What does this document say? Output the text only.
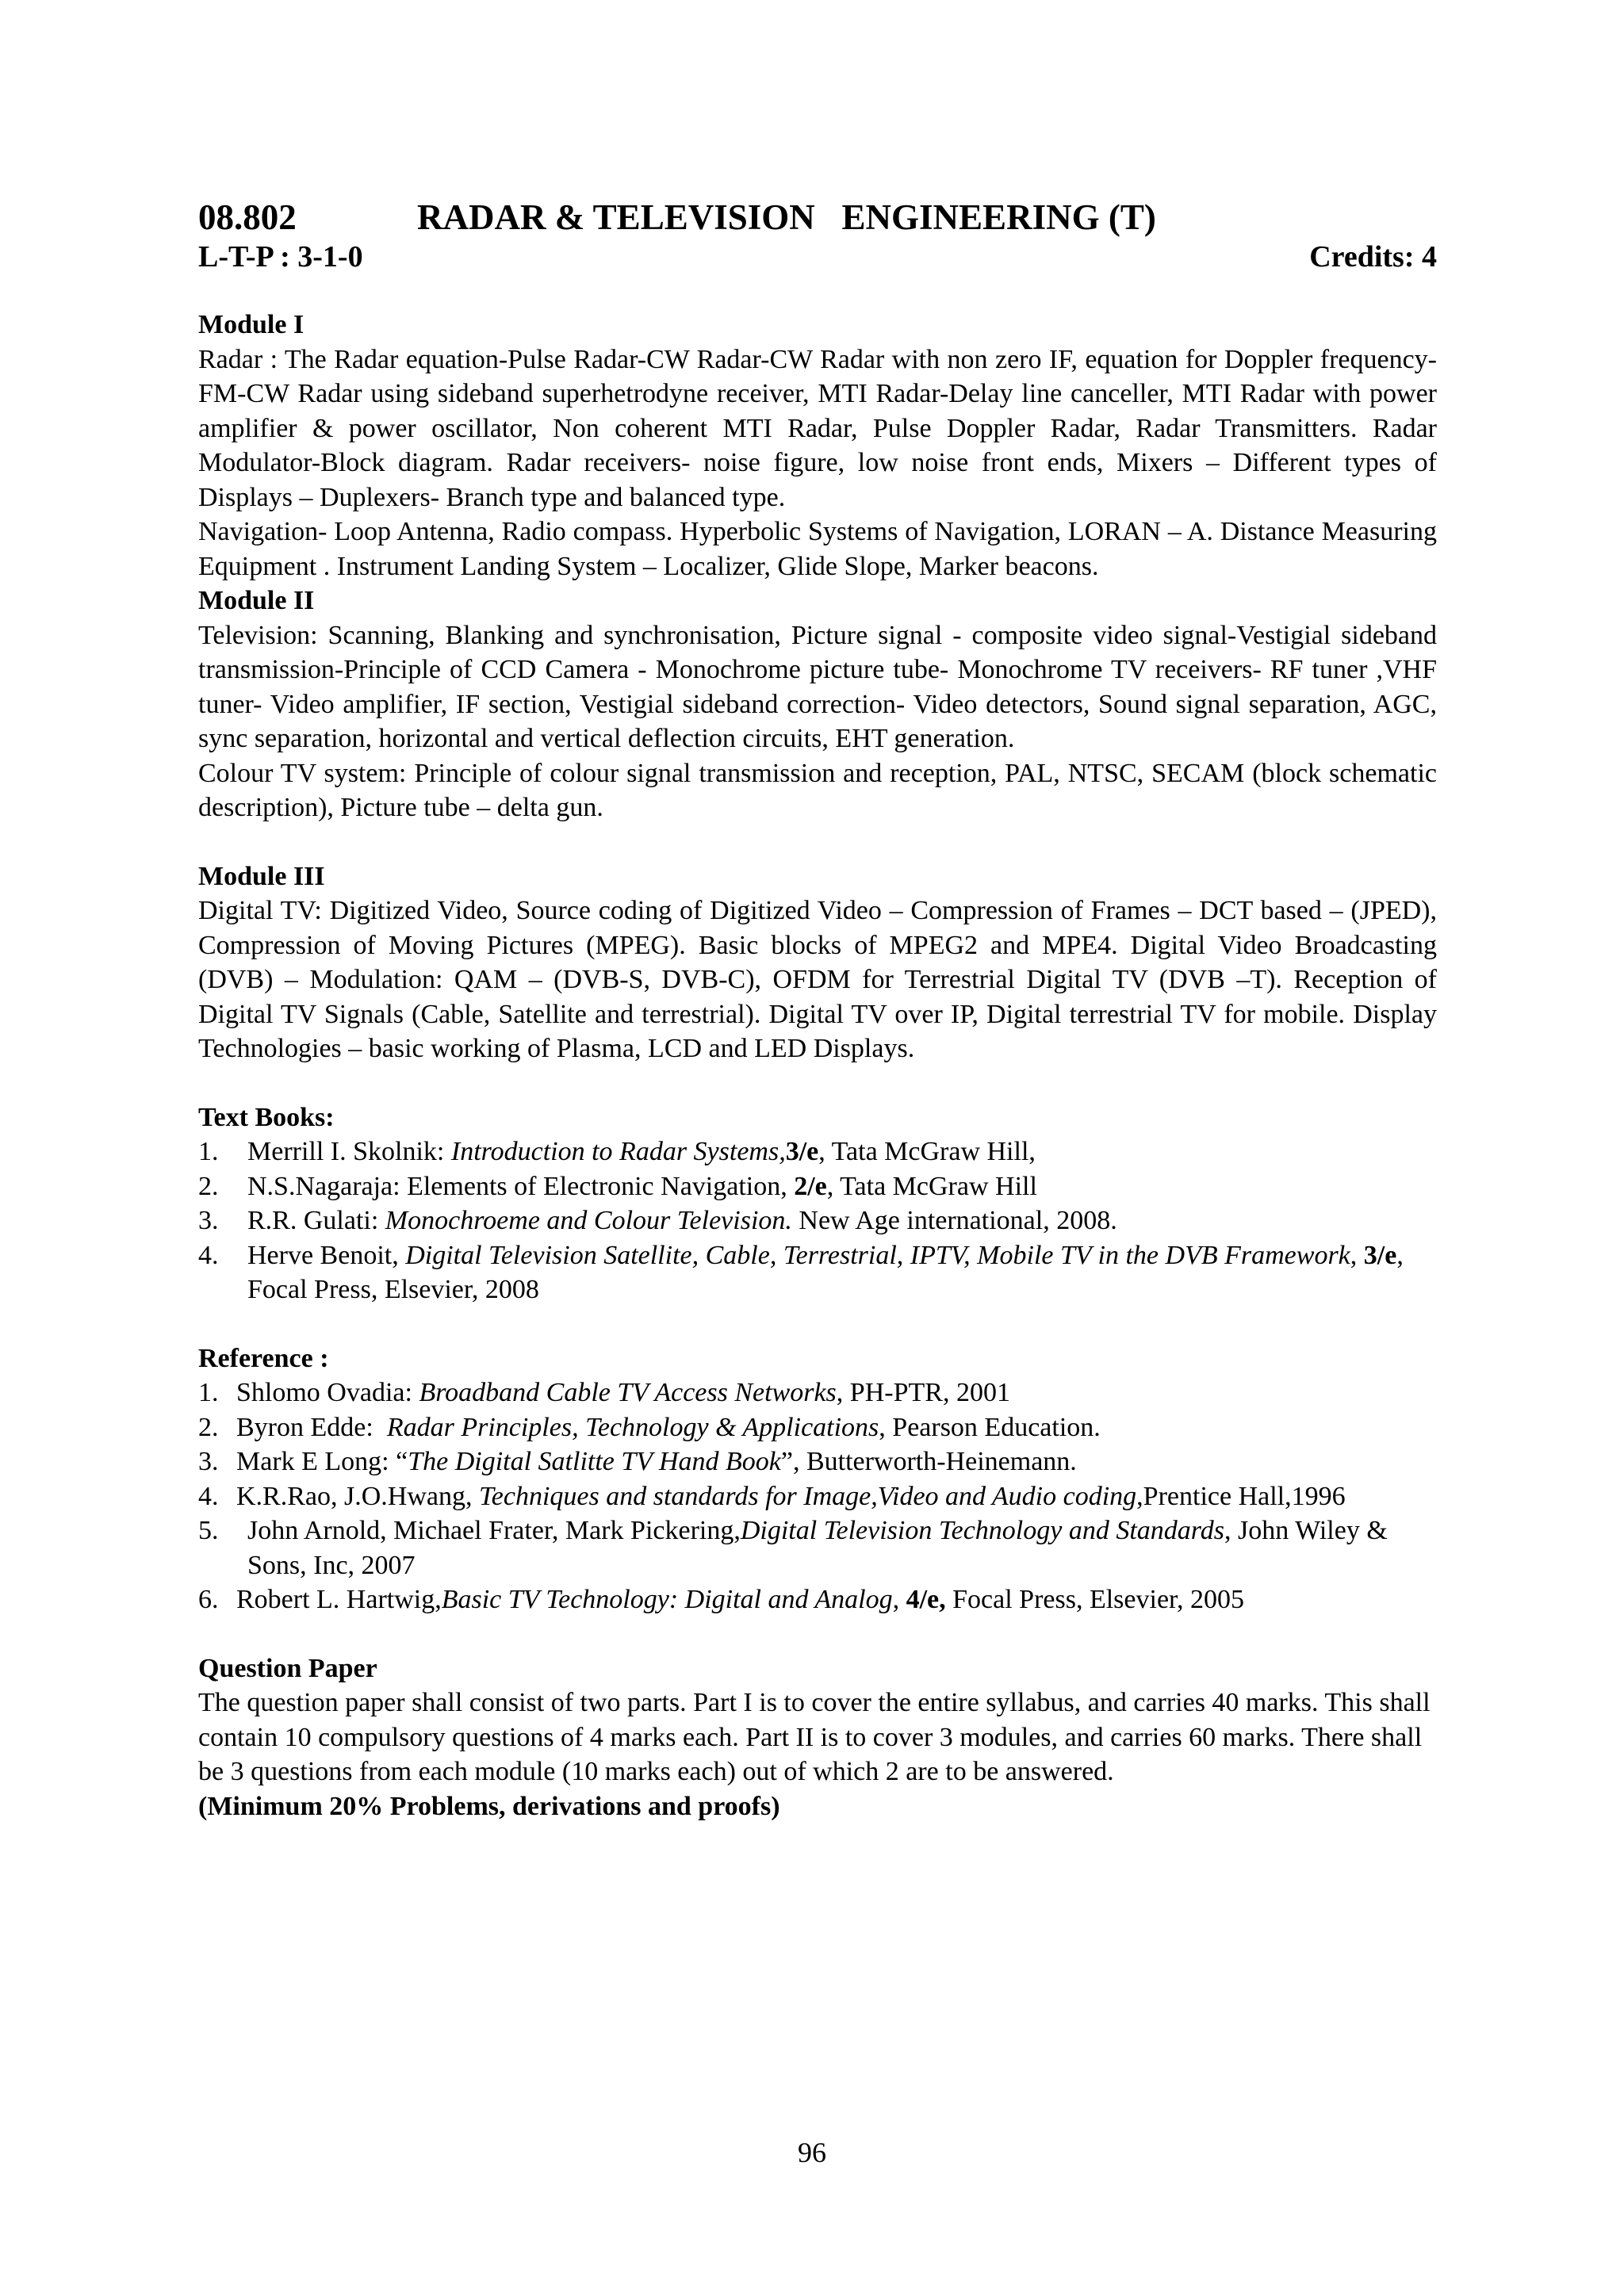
08.802	RADAR & TELEVISION   ENGINEERING (T)
L-T-P : 3-1-0	Credits: 4
Module I

Radar : The Radar equation-Pulse Radar-CW Radar-CW Radar with non zero IF, equation for Doppler frequency- FM-CW Radar using sideband superhetrodyne receiver, MTI Radar-Delay line canceller, MTI Radar with power amplifier & power oscillator, Non coherent MTI Radar, Pulse Doppler Radar, Radar Transmitters. Radar Modulator-Block diagram. Radar receivers- noise figure, low noise front ends, Mixers – Different types of Displays – Duplexers- Branch type and balanced type.

Navigation- Loop Antenna, Radio compass. Hyperbolic Systems of Navigation, LORAN – A. Distance Measuring Equipment . Instrument Landing System – Localizer, Glide Slope, Marker beacons.

Module II

Television: Scanning, Blanking and synchronisation, Picture signal - composite video signal-Vestigial sideband transmission-Principle of CCD Camera - Monochrome picture tube- Monochrome TV receivers- RF tuner ,VHF tuner- Video amplifier, IF section, Vestigial sideband correction- Video detectors, Sound signal separation, AGC, sync separation, horizontal and vertical deflection circuits, EHT generation.

Colour TV system: Principle of colour signal transmission and reception, PAL, NTSC, SECAM (block schematic description), Picture tube – delta gun.

Module III

Digital TV: Digitized Video, Source coding of Digitized Video – Compression of Frames – DCT based – (JPED), Compression of Moving Pictures (MPEG). Basic blocks of MPEG2 and MPE4. Digital Video Broadcasting (DVB) – Modulation: QAM – (DVB-S, DVB-C), OFDM for Terrestrial Digital TV (DVB –T). Reception of Digital TV Signals (Cable, Satellite and terrestrial). Digital TV over IP, Digital terrestrial TV for mobile. Display Technologies – basic working of Plasma, LCD and LED Displays.

Text Books:
1.	Merrill I. Skolnik: Introduction to Radar Systems,3/e, Tata McGraw Hill,
2.	N.S.Nagaraja: Elements of Electronic Navigation, 2/e, Tata McGraw Hill
3.	R.R. Gulati: Monochroeme and Colour Television. New Age international, 2008.
4.	Herve Benoit, Digital Television Satellite, Cable, Terrestrial, IPTV, Mobile TV in the DVB Framework, 3/e, Focal Press, Elsevier, 2008
Reference :
1. Shlomo Ovadia: Broadband Cable TV Access Networks, PH-PTR, 2001
2. Byron Edde:  Radar Principles, Technology & Applications, Pearson Education.
3. Mark E Long: “The Digital Satlitte TV Hand Book”, Butterworth-Heinemann.
4. K.R.Rao, J.O.Hwang, Techniques and standards for Image,Video and Audio coding,Prentice Hall,1996
5.	John Arnold, Michael Frater, Mark Pickering,Digital Television Technology and Standards, John Wiley & Sons, Inc, 2007
6. Robert L. Hartwig,Basic TV Technology: Digital and Analog, 4/e, Focal Press, Elsevier, 2005
Question Paper

The question paper shall consist of two parts. Part I is to cover the entire syllabus, and carries 40 marks. This shall contain 10 compulsory questions of 4 marks each. Part II is to cover 3 modules, and carries 60 marks. There shall be 3 questions from each module (10 marks each) out of which 2 are to be answered.

(Minimum 20% Problems, derivations and proofs)

96
